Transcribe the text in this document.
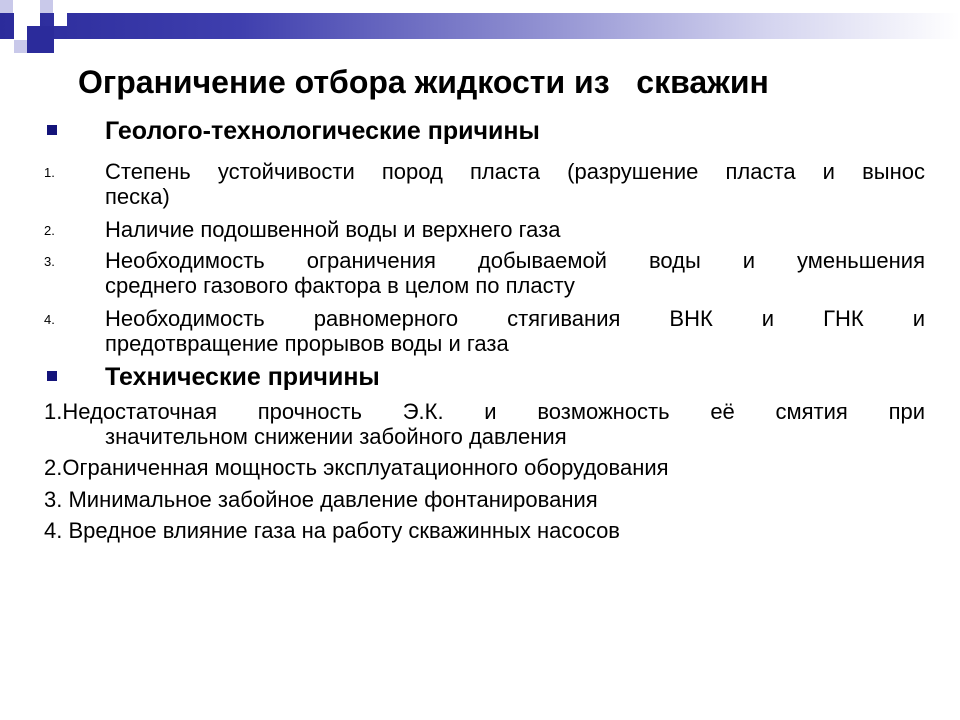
Ограничение отбора жидкости из   скважин
Геолого-технологические причины
1. Степень устойчивости пород пласта (разрушение пласта и вынос
песка)
2. Наличие подошвенной воды и верхнего газа
3. Необходимость ограничения добываемой воды и уменьшения
среднего газового фактора в целом по пласту
4. Необходимость равномерного стягивания ВНК и ГНК и
предотвращение прорывов воды и газа
Технические причины
1.Недостаточная прочность Э.К. и возможность её смятия при
значительном снижении забойного давления
2.Ограниченная мощность эксплуатационного оборудования
3. Минимальное забойное давление фонтанирования
4. Вредное влияние газа на работу скважинных насосов
